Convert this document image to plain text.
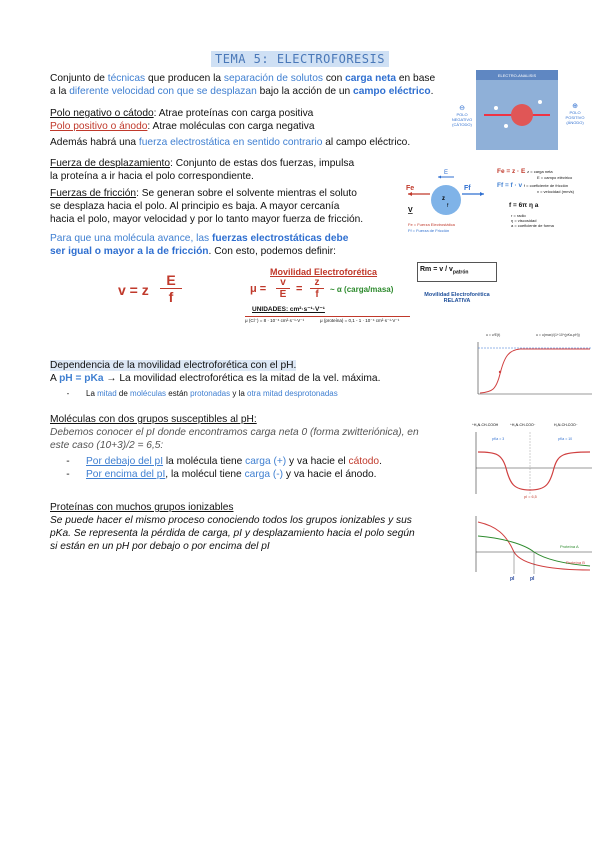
TEMA 5: ELECTROFORESIS
Conjunto de técnicas que producen la separación de solutos con carga neta en base
a la diferente velocidad con que se desplazan bajo la acción de un campo eléctrico.
Polo negativo o cátodo: Atrae proteínas con carga positiva
Polo positivo o ánodo: Atrae moléculas con carga negativa
Además habrá una fuerza electrostática en sentido contrario al campo eléctrico.
Fuerza de desplazamiento: Conjunto de estas dos fuerzas, impulsa
la proteína a ir hacia el polo correspondiente.
Fuerzas de fricción: Se generan sobre el solvente mientras el soluto
se desplaza hacia el polo. Al principio es baja. A mayor cercanía
hacia el polo, mayor velocidad y por lo tanto mayor fuerza de fricción.
Para que una molécula avance, las fuerzas electrostáticas debe
ser igual o mayor a la de fricción. Con esto, podemos definir:
v = z
E
f
Movilidad Electroforética
μ =
v
E =
z
f	~ α (carga/masa)
UNIDADES: cm²·s⁻¹·V⁻¹
μ (Cl⁻) = 8 · 10⁻⁴ cm²·s⁻¹·V⁻¹	μ (proteína) = 0,1 - 1 · 10⁻⁴ cm²·s⁻¹·V⁻¹
$Rm = v / v_{patrón}$
Movilidad Electroforética
RELATIVA
ELECTRO-ANALISIS
⊖
POLO NEGATIVO (CÁTODO)
⊕
POLO POSITIVO (ÁNODO)
E
Fe	Ff
z
f
V
Fe = Fuerza Electrostática
Ff = Fuerza de Fricción
Fe = z · E z = carga neta
E = campo eléctrico
Ff = f · v f = coeficiente de fricción
v = velocidad (mm/s)
f = 6π η a
r = radio
η = viscosidad
a = coeficiente de forma
Dependencia de la movilidad electroforética con el pH.
A pH = pKa → La movilidad electroforética es la mitad de la vel. máxima.
- La mitad de moléculas están protonadas y la otra mitad desprotonadas
u = v/E(t)	u = u(max)/(1+10^(pKa-pH))
Moléculas con dos grupos susceptibles al pH:
Debemos conocer el pI donde encontramos carga neta 0 (forma zwitteriónica), en
este caso (10+3)/2 = 6,5:
- Por debajo del pI la molécula tiene carga (+) y va hacie el cátodo.
- Por encima del pI, la molécul tiene carga (-) y va hacie el ánodo.
⁺H₃N-CH-COOH	⁺H₃N-CH-COO⁻	H₂N-CH-COO⁻
pKa = 3	pKa = 10
pI = 6,5
Proteínas con muchos grupos ionizables
Se puede hacer el mismo proceso conociendo todos los grupos ionizables y sus
pKa. Se representa la pérdida de carga, pI y desplazamiento hacia el polo según
si están en un pH por debajo o por encima del pI	Proteína A
Proteína B
pI	pI
